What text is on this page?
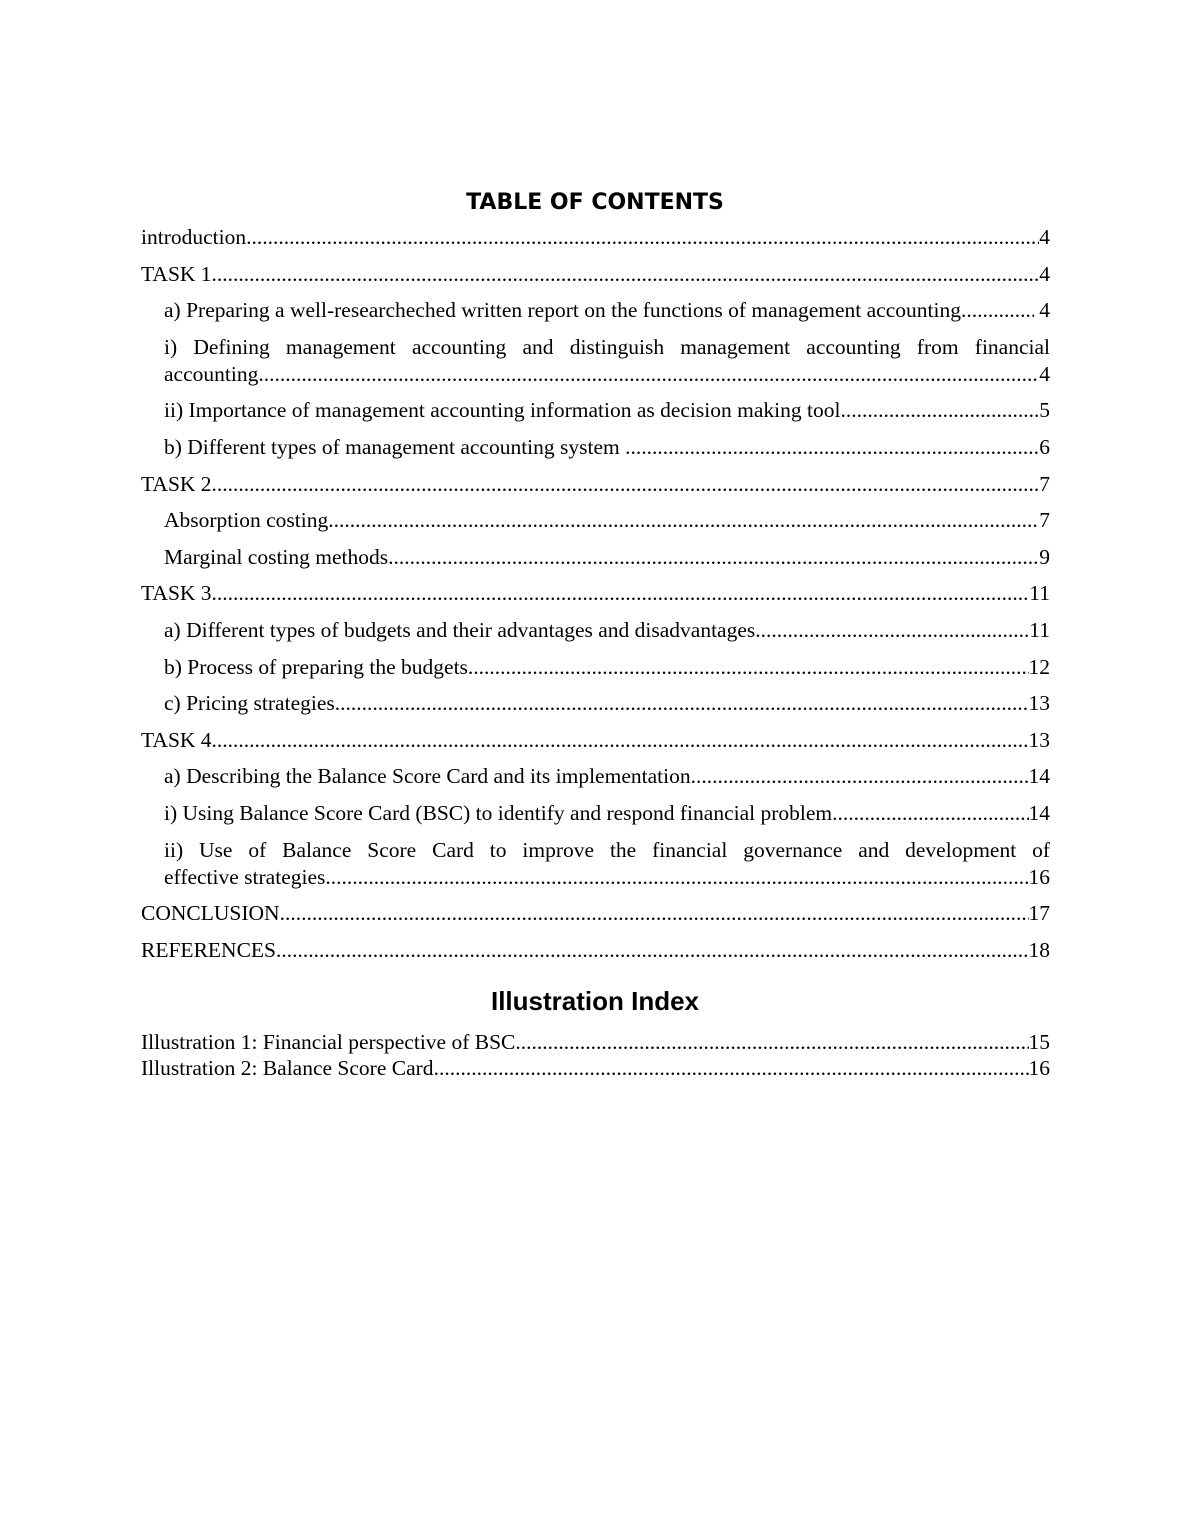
TABLE OF CONTENTS
introduction .....	4
TASK 1 .....	4
a) Preparing a well-researcheched written report on the functions of management accounting. .....	4
i) Defining management accounting and distinguish management accounting from financial
accounting .....	4
ii) Importance of management accounting information as decision making tool .....	5
b) Different types of management accounting system .....	6
TASK 2 .....	7
Absorption costing .....	7
Marginal costing methods .....	9
TASK 3 .....	11
a) Different types of budgets and their advantages and disadvantages .....	11
b) Process of preparing the budgets .....	12
c) Pricing strategies .....	13
TASK 4 .....	13
a) Describing the Balance Score Card and its implementation .....	14
i) Using Balance Score Card (BSC) to identify and respond financial problem .....	14
ii) Use of Balance Score Card to improve the financial governance and development of
effective strategies .....	16
CONCLUSION .....	17
REFERENCES .....	18
Illustration Index
Illustration 1: Financial perspective of BSC .....	15
Illustration 2: Balance Score Card .....	16
